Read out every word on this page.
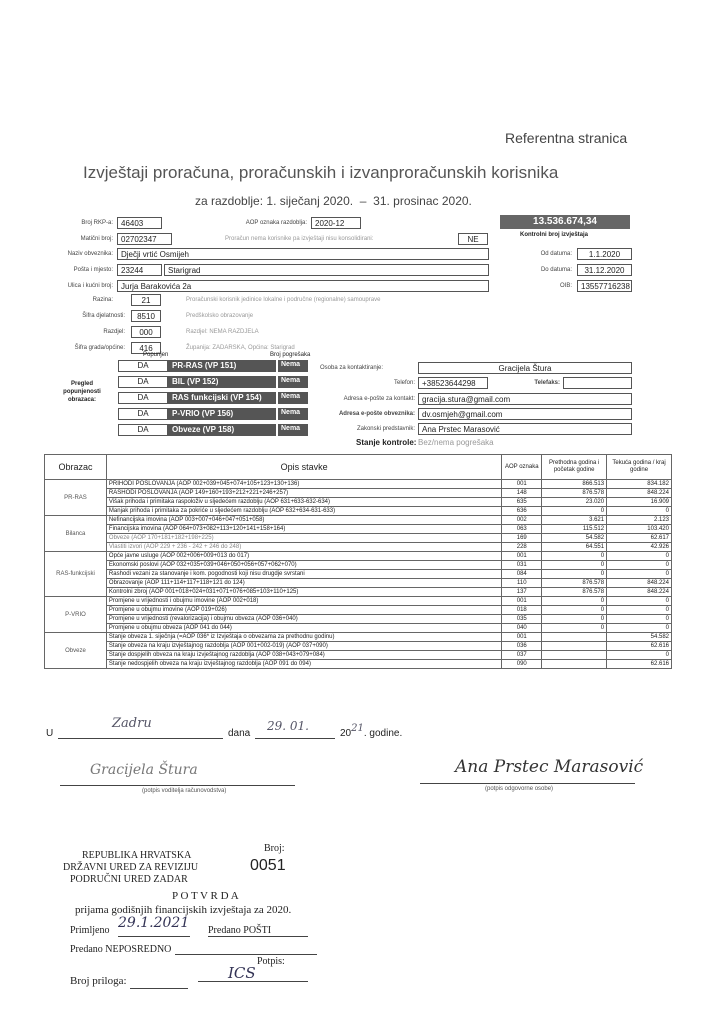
Referentna stranica
Izvještaji proračuna, proračunskih i izvanproračunskih korisnika
za razdoblje: 1. siječanj 2020. – 31. prosinac 2020.
Broj RKP-a:	46403	AOP oznaka razdoblja:	2020-12	13.536.674,34
Kontrolni broj izvještaja
Matični broj:	02702347	Proračun nema korisnike pa izvještaji nisu konsolidirani:	NE
Naziv obveznika:	Dječji vrtić Osmijeh	Od datuma:	1.1.2020
Pošta i mjesto:	23244	Starigrad	Do datuma:	31.12.2020
Ulica i kućni broj:	Jurja Barakovića 2a	OIB:	13557716238
Razina:	21	Proračunski korisnik jedinice lokalne i područne (regionalne) samouprave
Šifra djelatnosti:	8510	Predškolsko obrazovanje
Razdjel:	000	Razdjel: NEMA RAZDJELA
Šifra grada/općine:	416	Županija: ZADARSKA, Općina: Starigrad
Popunjen	Broj pogrešaka
Pregled popunjenosti obrazaca:
DA	PR-RAS (VP 151)	Nema
DA	BIL (VP 152)	Nema
DA	RAS funkcijski (VP 154)	Nema
DA	P-VRIO (VP 156)	Nema
DA	Obveze (VP 158)	Nema
Osoba za kontaktiranje:	Gracijela Štura
Telefon: +38523644298	Telefaks:
Adresa e-pošte za kontakt: gracija.stura@gmail.com
Adresa e-pošte obveznika: dv.osmjeh@gmail.com
Zakonski predstavnik: Ana Prstec Marasović
Stanje kontrole: Bez/nema pogrešaka
Obrazac	Opis stavke	AOP oznaka	Prethodna godina i početak godine	Tekuća godina / kraj godine
PR-RAS	PRIHODI POSLOVANJA (AOP 002+039+045+074+105+123+130+136)	001	866.513	834.182
	RASHODI POSLOVANJA (AOP 149+160+193+212+221+246+257)	148	876.578	848.224
	Višak prihoda i primitaka raspoloživ u sljedećem razdoblju (AOP 631+633-632-634)	635	23.020	16.909
	Manjak prihoda i primitaka za pokriće u sljedećem razdoblju (AOP 632+634-631-633)	636	0	0
Bilanca	Nefinancijska imovina (AOP 003+007+046+047+051+058)	002	3.621	2.123
	Financijska imovina (AOP 064+073+082+113+120+141+158+164)	063	115.512	103.420
	Obveze (AOP 170+181+182+198+225)	169	54.582	62.617
	Vlastiti izvori (AOP 229 + 236 - 242 + 246 do 248)	228	64.551	42.926
RAS-funkcijski	Opće javne usluge (AOP 002+006+009+013 do 017)	001	0	0
	Ekonomski poslovi (AOP 032+035+039+046+050+056+057+062+070)	031	0	0
	Rashodi vezani za stanovanje i kom. pogodnosti koji nisu drugdje svrstani	084	0	0
	Obrazovanje (AOP 111+114+117+118+121 do 124)	110	876.578	848.224
	Kontrolni zbroj (AOP 001+018+024+031+071+076+085+103+110+125)	137	876.578	848.224
P-VRIO	Promjene u vrijednosti i obujmu imovine (AOP 002+018)	001	0	0
	Promjene u obujmu imovine (AOP 019+026)	018	0	0
	Promjene u vrijednosti (revalorizacija) i obujmu obveza (AOP 036+040)	035	0	0
	Promjene u obujmu obveza (AOP 041 do 044)	040	0	0
Obveze	Stanje obveza 1. siječnja (=AOP 036* iz Izvještaja o obvezama za prethodnu godinu)	001		54.582
	Stanje obveza na kraju izvještajnog razdoblja (AOP 001+002-019) (AOP 037+090)	036		62.616
	Stanje dospjelih obveza na kraju izvještajnog razdoblja (AOP 038+043+079+084)	037		0
	Stanje nedospjelih obveza na kraju izvještajnog razdoblja (AOP 091 do 094)	090		62.616
U
Zadru
dana
29. 01.
2021. godine.
Gracijela Štura
(potpis voditelja računovodstva)
Ana Prstec Marasović
(potpis odgovorne osobe)
REPUBLIKA HRVATSKA
DRŽAVNI URED ZA REVIZIJU
PODRUČNI URED ZADAR
Broj:
0051
P O T V R D A
prijama godišnjih financijskih izvještaja za 2020.
Primljeno 29.1.2021 Predano POŠTI
Predano NEPOSREDNO
Potpis:
ICS
Broj priloga:
